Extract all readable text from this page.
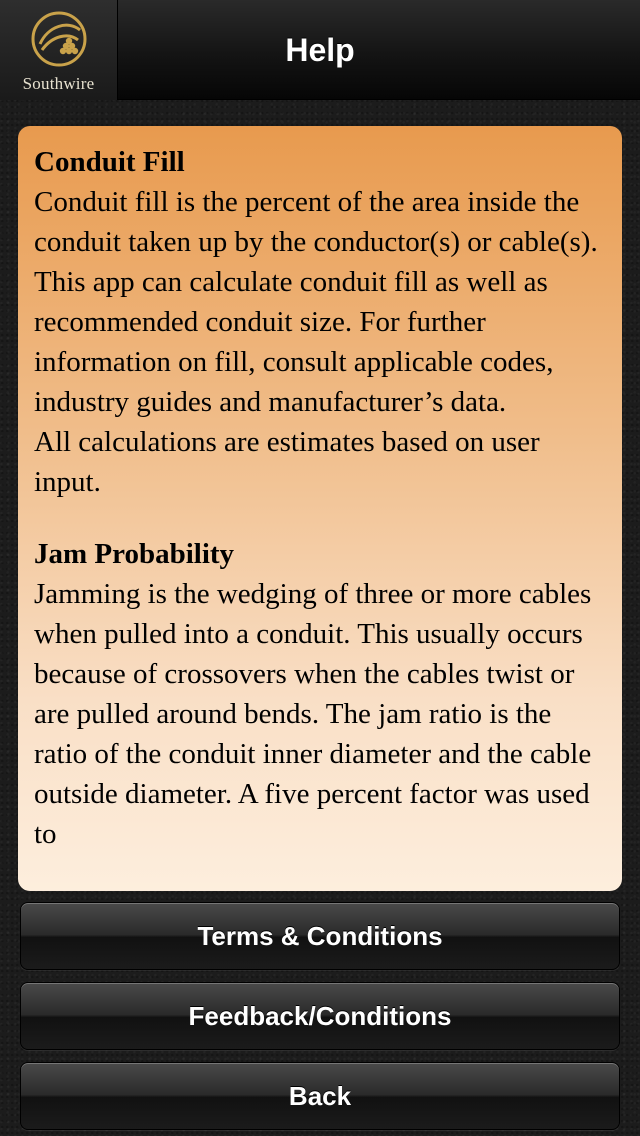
Southwire
Help
Conduit Fill
Conduit fill is the percent of the area inside the conduit taken up by the conductor(s) or cable(s). This app can calculate conduit fill as well as recommended conduit size. For further information on fill, consult applicable codes, industry guides and manufacturer’s data.
All calculations are estimates based on user input.
Jam Probability
Jamming is the wedging of three or more cables when pulled into a conduit. This usually occurs because of crossovers when the cables twist or are pulled around bends. The jam ratio is the ratio of the conduit inner diameter and the cable outside diameter. A five percent factor was used to
Terms & Conditions
Feedback/Conditions
Back
